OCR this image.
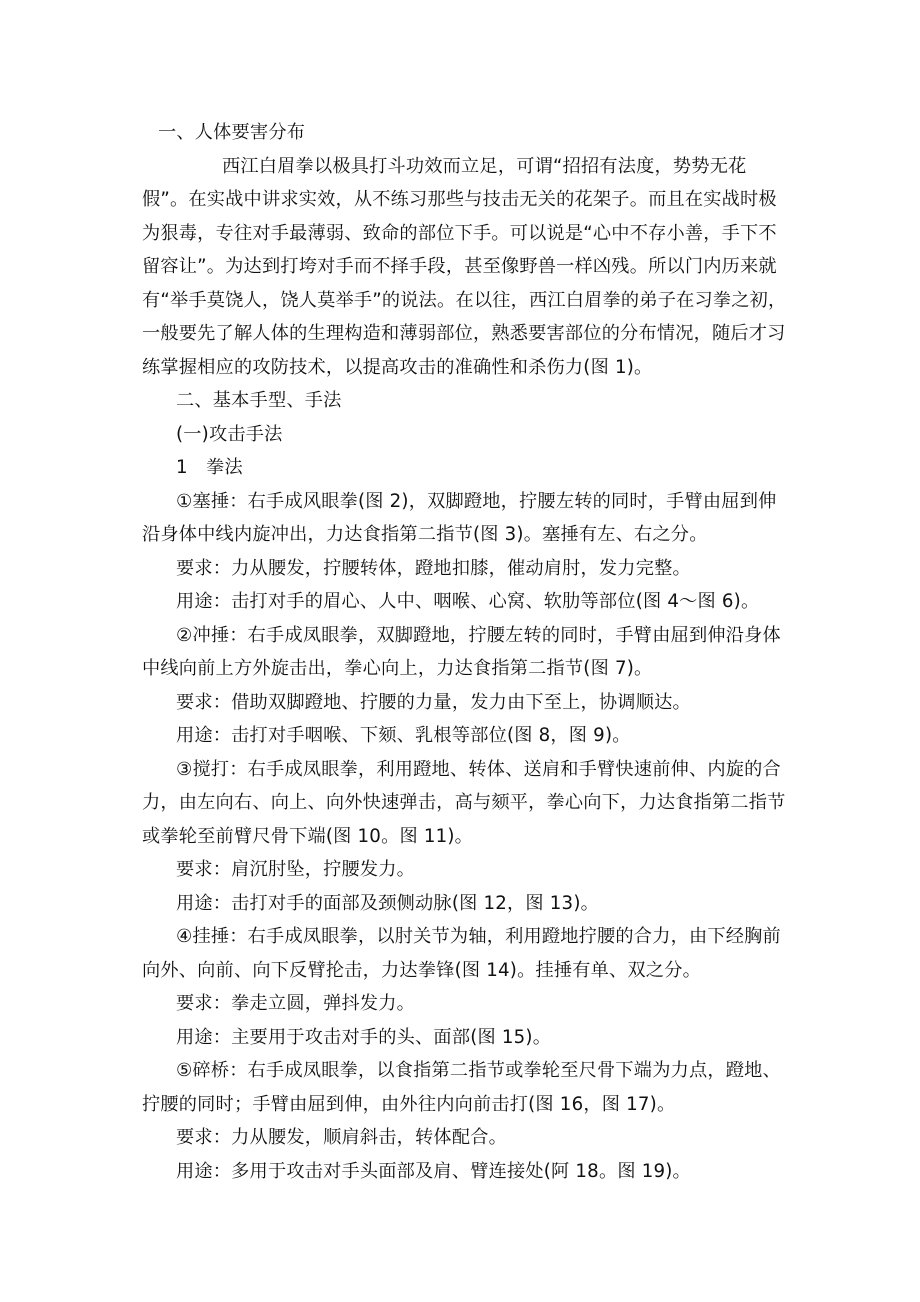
一、人体要害分布
西江白眉拳以极具打斗功效而立足，可谓“招招有法度，势势无花
假”。在实战中讲求实效，从不练习那些与技击无关的花架子。而且在实战时极
为狠毒，专往对手最薄弱、致命的部位下手。可以说是“心中不存小善，手下不
留容让”。为达到打垮对手而不择手段，甚至像野兽一样凶残。所以门内历来就
有“举手莫饶人，饶人莫举手”的说法。在以往，西江白眉拳的弟子在习拳之初，
一般要先了解人体的生理构造和薄弱部位，熟悉要害部位的分布情况，随后才习
练掌握相应的攻防技术，以提高攻击的准确性和杀伤力(图 1)。
二、基本手型、手法
(一)攻击手法
1　拳法
①塞捶：右手成风眼拳(图 2)，双脚蹬地，拧腰左转的同时，手臂由屈到伸
沿身体中线内旋冲出，力达食指第二指节(图 3)。塞捶有左、右之分。
要求：力从腰发，拧腰转体，蹬地扣膝，催动肩肘，发力完整。
用途：击打对手的眉心、人中、咽喉、心窝、软肋等部位(图 4～图 6)。
②冲捶：右手成凤眼拳，双脚蹬地，拧腰左转的同时，手臂由屈到伸沿身体
中线向前上方外旋击出，拳心向上，力达食指第二指节(图 7)。
要求：借助双脚蹬地、拧腰的力量，发力由下至上，协调顺达。
用途：击打对手咽喉、下颏、乳根等部位(图 8，图 9)。
③搅打：右手成凤眼拳，利用蹬地、转体、送肩和手臂快速前伸、内旋的合
力，由左向右、向上、向外快速弹击，高与颏平，拳心向下，力达食指第二指节
或拳轮至前臂尺骨下端(图 10。图 11)。
要求：肩沉肘坠，拧腰发力。
用途：击打对手的面部及颈侧动脉(图 12，图 13)。
④挂捶：右手成凤眼拳，以肘关节为轴，利用蹬地拧腰的合力，由下经胸前
向外、向前、向下反臂抡击，力达拳锋(图 14)。挂捶有单、双之分。
要求：拳走立圆，弹抖发力。
用途：主要用于攻击对手的头、面部(图 15)。
⑤碎桥：右手成凤眼拳，以食指第二指节或拳轮至尺骨下端为力点，蹬地、
拧腰的同时；手臂由屈到伸，由外往内向前击打(图 16，图 17)。
要求：力从腰发，顺肩斜击，转体配合。
用途：多用于攻击对手头面部及肩、臂连接处(阿 18。图 19)。
